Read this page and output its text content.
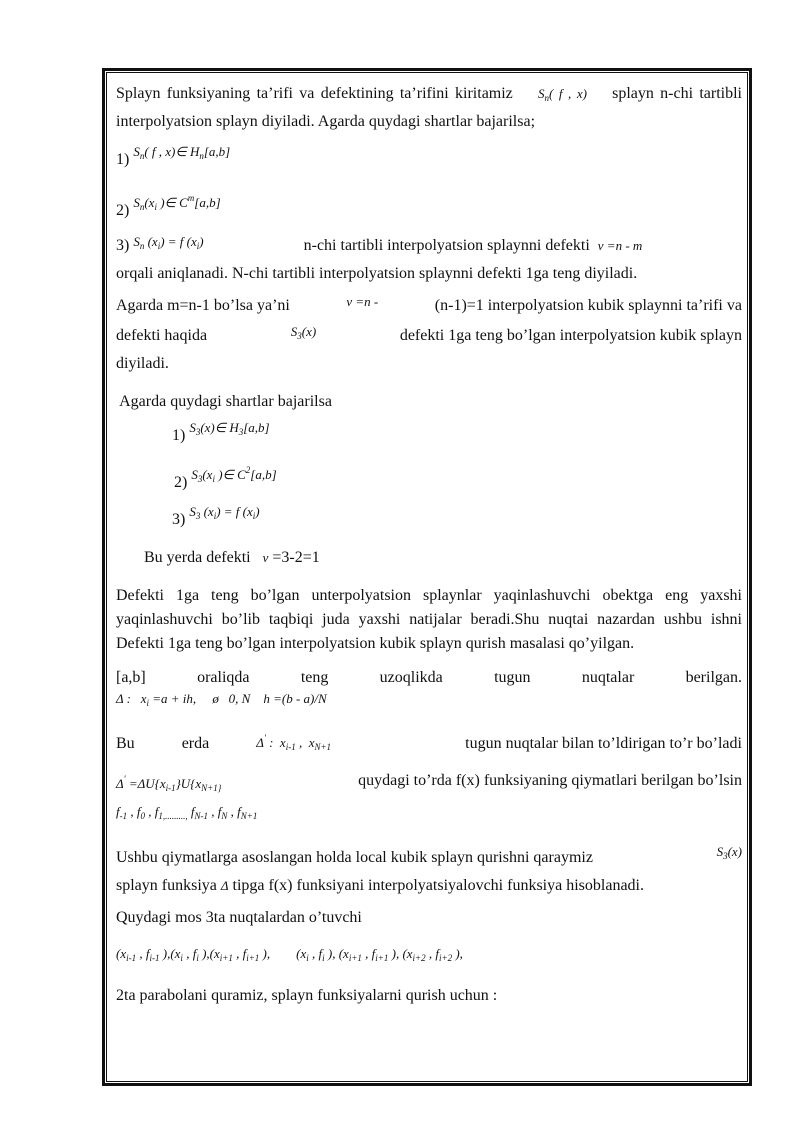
Splayn funksiyaning ta’rifi va defektining ta’rifini kiritamiz $S_n$( f , x) splayn n-chi tartibli interpolyatsion splayn diyiladi. Agarda quydagi shartlar bajarilsa;

1) $^{S_n( f , x)\in H_n[a,b]}$
2) $^{S_n(x_i )\in C^m[a,b]}$

3) $^{S_n (x_i) = f (x_i)}$	n-chi tartibli interpolyatsion splaynni defekti ν =n - m
orqali aniqlanadi. N-chi tartibli interpolyatsion splaynni defekti 1ga teng diyiladi.

Agarda m=n-1 bo’lsa ya’ni	ν =n -	(n-1)=1 interpolyatsion kubik splaynni ta’rifi va
defekti haqida	$S_3(x)$	defekti 1ga teng bo’lgan interpolyatsion kubik splayn
diyiladi.

Agarda quydagi shartlar bajarilsa

1) $^{S_3(x)\in H_3[a,b]}$
2) $^{S_3(x_i )\in C^2[a,b]}$
3) $^{S_3 (x_i) = f (x_i)}$

Bu yerda defekti ν =3-2=1

Defekti 1ga teng bo’lgan unterpolyatsion splaynlar yaqinlashuvchi obektga eng yaxshi yaqinlashuvchi bo’lib taqbiqi juda yaxshi natijalar beradi.Shu nuqtai nazardan ushbu ishni Defekti 1ga teng bo’lgan interpolyatsion kubik splayn qurish masalasi qo’yilgan.

[a,b]	oraliqda	teng	uzoqlikda	tugun	nuqtalar	berilgan.
Δ :   $x_i =a$ + ih,     ø   0, N    h =(b - a)/N
Bu	erda	Δ' :  $x_{i-1}$ ,  $x_{N+1}$	tugun nuqtalar bilan to’ldirigan to’r bo’ladi
$\Delta' =\Delta U\{x_{i-1}\}U\{x_{N+1\}}$	quydagi to’rda f(x) funksiyaning qiymatlari berilgan bo’lsin
$f_{-1}$ , $f_0$ , $f_{1,.........,}$ $f_{N-1}$ , $f_N$ , $f_{N+1}$
Ushbu qiymatlarga asoslangan holda local kubik splayn qurishni qaraymiz	$S_3(x)$
splayn funksiya Δ tipga f(x) funksiyani interpolyatsiyalovchi funksiya hisoblanadi.

Quydagi mos 3ta nuqtalardan o’tuvchi

($x_{i-1}$ , $f_{i-1}$ )$,(x_i$ , $f_i$ )$,(x_{i+1}$ , $f_{i+1}$ ),        ($x_i$ , $f_i$ ), ($x_{i+1}$ , $f_{i+1}$ ), ($x_{i+2}$ , $f_{i+2}$ ),

2ta parabolani quramiz, splayn funksiyalarni qurish uchun :
